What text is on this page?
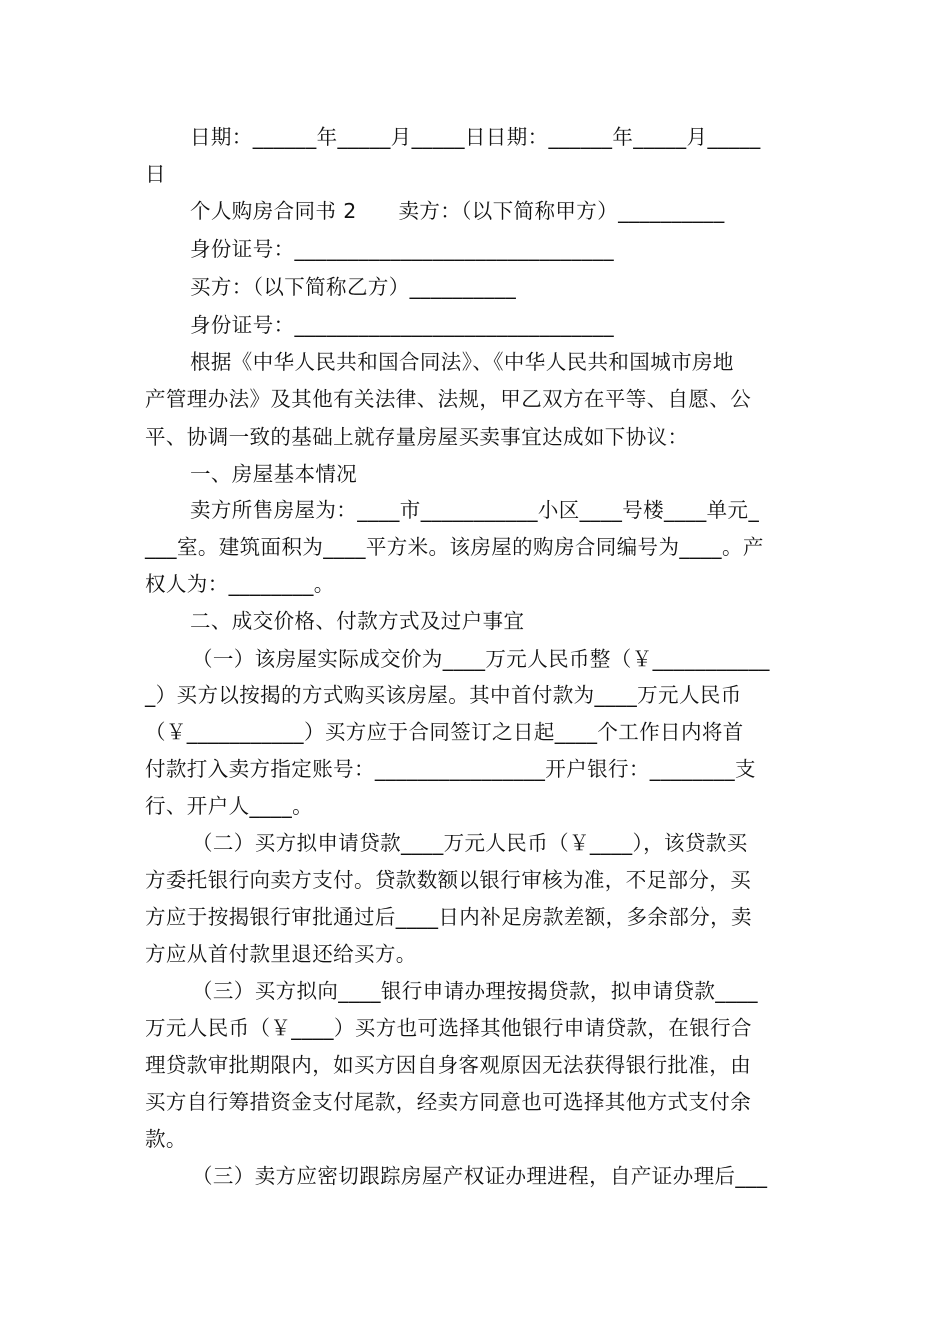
日期：______年_____月_____日日期：______年_____月_____
日
个人购房合同书 2　　卖方：（以下简称甲方）__________
身份证号：______________________________
买方：（以下简称乙方）__________
身份证号：______________________________
根据《中华人民共和国合同法》、《中华人民共和国城市房地
产管理办法》及其他有关法律、法规，甲乙双方在平等、自愿、公
平、协调一致的基础上就存量房屋买卖事宜达成如下协议：
一、房屋基本情况
卖方所售房屋为：____市___________小区____号楼____单元_
___室。建筑面积为____平方米。该房屋的购房合同编号为____。产
权人为：________。
二、成交价格、付款方式及过户事宜
（一）该房屋实际成交价为____万元人民币整（￥___________
_）买方以按揭的方式购买该房屋。其中首付款为____万元人民币
（￥___________）买方应于合同签订之日起____个工作日内将首
付款打入卖方指定账号：________________开户银行：________支
行、开户人____。
（二）买方拟申请贷款____万元人民币（￥____），该贷款买
方委托银行向卖方支付。贷款数额以银行审核为准，不足部分，买
方应于按揭银行审批通过后____日内补足房款差额，多余部分，卖
方应从首付款里退还给买方。
（三）买方拟向____银行申请办理按揭贷款，拟申请贷款____
万元人民币（￥____）买方也可选择其他银行申请贷款，在银行合
理贷款审批期限内，如买方因自身客观原因无法获得银行批准，由
买方自行筹措资金支付尾款，经卖方同意也可选择其他方式支付余
款。
（三）卖方应密切跟踪房屋产权证办理进程，自产证办理后___
